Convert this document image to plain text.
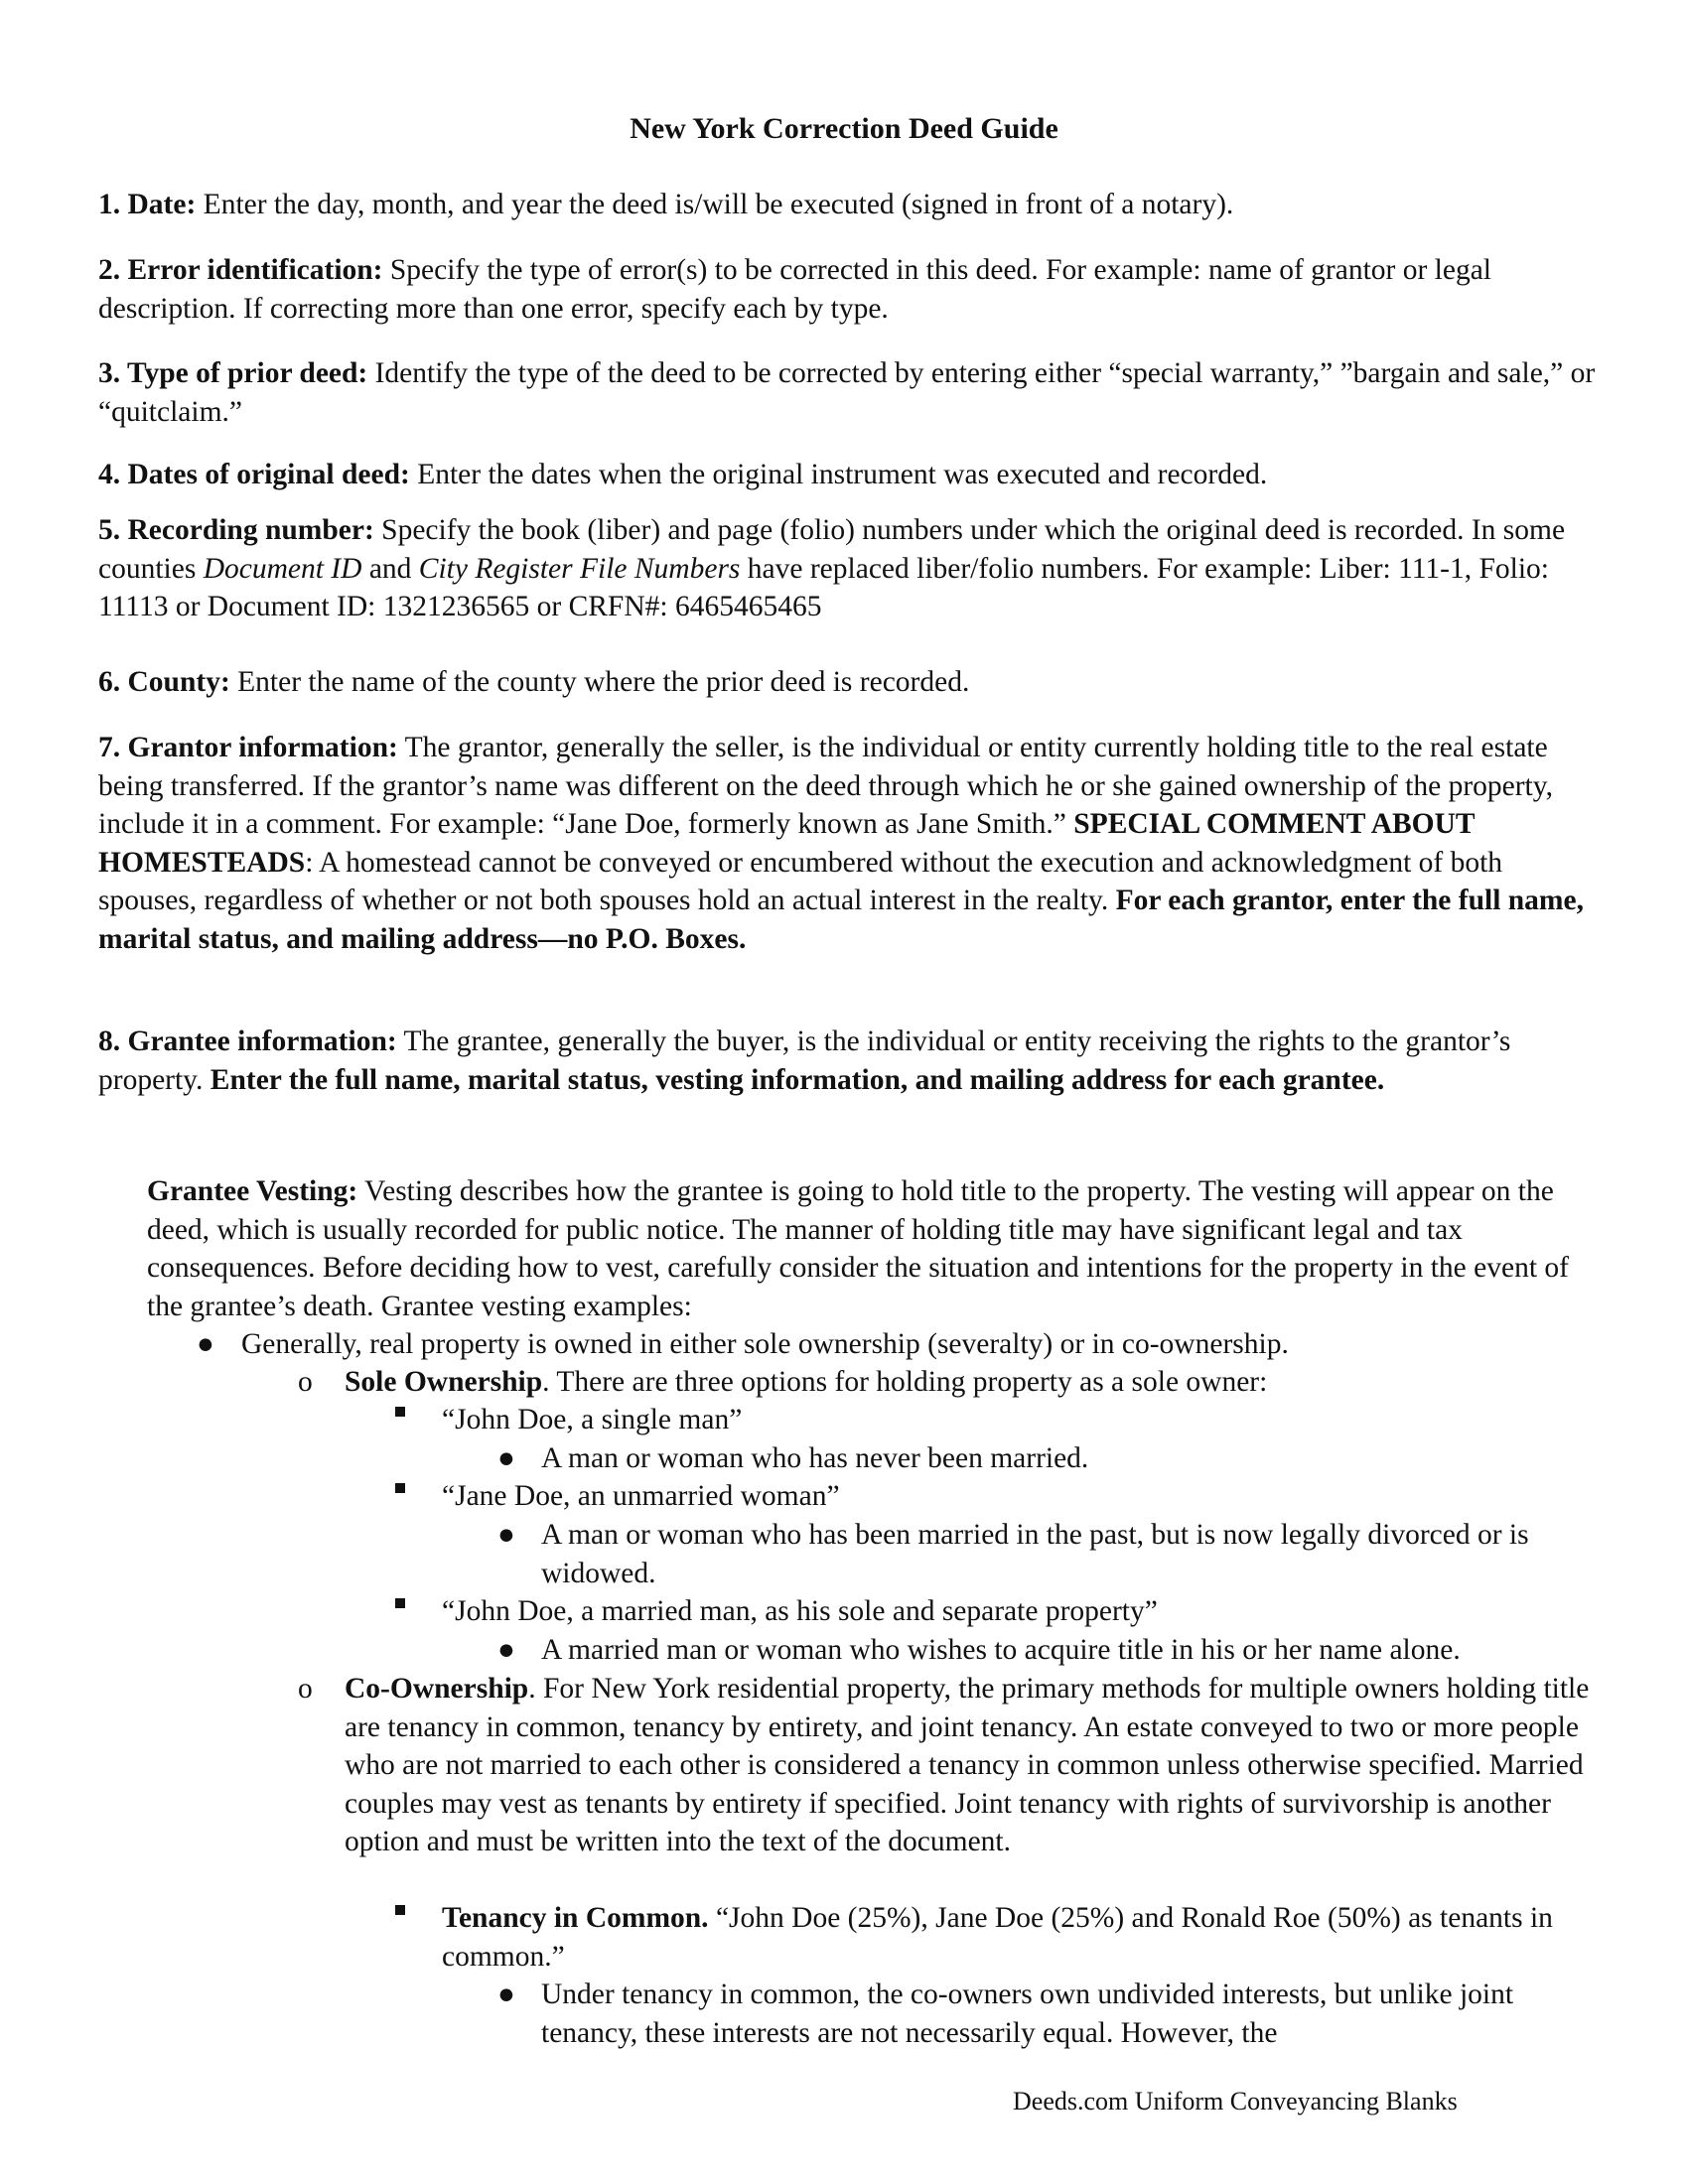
New York Correction Deed Guide

1. Date: Enter the day, month, and year the deed is/will be executed (signed in front of a notary).

2. Error identification: Specify the type of error(s) to be corrected in this deed. For example: name of grantor or legal description. If correcting more than one error, specify each by type.

3. Type of prior deed: Identify the type of the deed to be corrected by entering either “special warranty,” ”bargain and sale,” or “quitclaim.”

4. Dates of original deed: Enter the dates when the original instrument was executed and recorded.

5. Recording number: Specify the book (liber) and page (folio) numbers under which the original deed is recorded. In some counties Document ID and City Register File Numbers have replaced liber/folio numbers. For example: Liber: 111-1, Folio: 11113 or Document ID: 1321236565 or CRFN#: 6465465465

6. County: Enter the name of the county where the prior deed is recorded.

7. Grantor information: The grantor, generally the seller, is the individual or entity currently holding title to the real estate being transferred. If the grantor’s name was different on the deed through which he or she gained ownership of the property, include it in a comment. For example: “Jane Doe, formerly known as Jane Smith.” SPECIAL COMMENT ABOUT HOMESTEADS: A homestead cannot be conveyed or encumbered without the execution and acknowledgment of both spouses, regardless of whether or not both spouses hold an actual interest in the realty. For each grantor, enter the full name, marital status, and mailing address—no P.O. Boxes.

8. Grantee information: The grantee, generally the buyer, is the individual or entity receiving the rights to the grantor’s property. Enter the full name, marital status, vesting information, and mailing address for each grantee.

Grantee Vesting: Vesting describes how the grantee is going to hold title to the property. The vesting will appear on the deed, which is usually recorded for public notice. The manner of holding title may have significant legal and tax consequences. Before deciding how to vest, carefully consider the situation and intentions for the property in the event of the grantee’s death. Grantee vesting examples:

● Generally, real property is owned in either sole ownership (severalty) or in co-ownership.

o Sole Ownership. There are three options for holding property as a sole owner:

“John Doe, a single man”

● A man or woman who has never been married.

“Jane Doe, an unmarried woman”

● A man or woman who has been married in the past, but is now legally divorced or is widowed.

“John Doe, a married man, as his sole and separate property”

● A married man or woman who wishes to acquire title in his or her name alone.

o Co-Ownership. For New York residential property, the primary methods for multiple owners holding title are tenancy in common, tenancy by entirety, and joint tenancy. An estate conveyed to two or more people who are not married to each other is considered a tenancy in common unless otherwise specified. Married couples may vest as tenants by entirety if specified. Joint tenancy with rights of survivorship is another option and must be written into the text of the document.

Tenancy in Common. “John Doe (25%), Jane Doe (25%) and Ronald Roe (50%) as tenants in common.”

● Under tenancy in common, the co-owners own undivided interests, but unlike joint tenancy, these interests are not necessarily equal. However, the

Deeds.com Uniform Conveyancing Blanks
